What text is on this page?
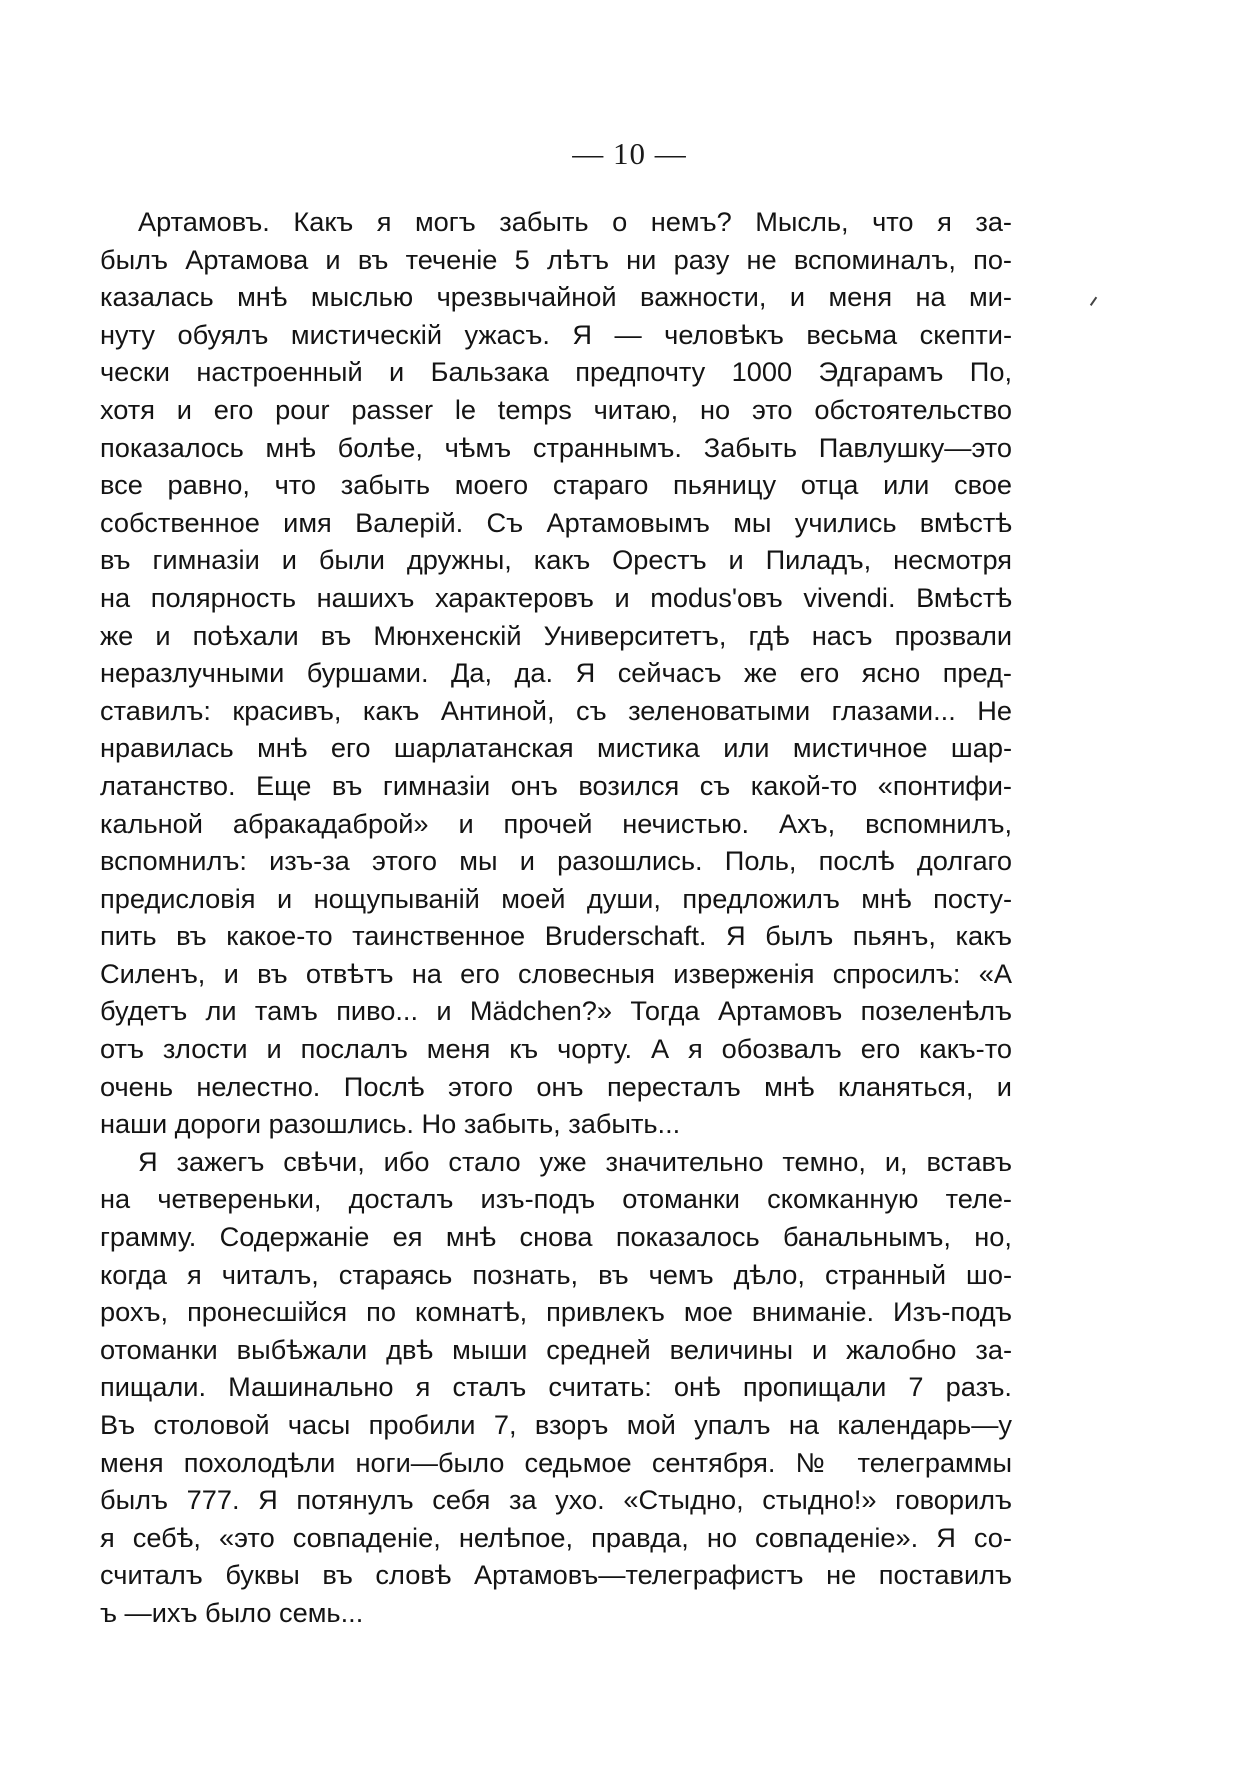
— 10 —
Артамовъ. Какъ я могъ забыть о немъ? Мысль, что я за-
былъ Артамова и въ теченіе 5 лѣтъ ни разу не вспоминалъ, по-
казалась мнѣ мыслью чрезвычайной важности, и меня на ми-
нуту обуялъ мистическій ужасъ. Я — человѣкъ весьма скепти-
чески настроенный и Бальзака предпочту 1000 Эдгарамъ По,
хотя и его pour passer le temps читаю, но это обстоятельство
показалось мнѣ болѣе, чѣмъ страннымъ. Забыть Павлушку—это
все равно, что забыть моего стараго пьяницу отца или свое
собственное имя Валерій. Съ Артамовымъ мы учились вмѣстѣ
въ гимназіи и были дружны, какъ Орестъ и Пиладъ, несмотря
на полярность нашихъ характеровъ и modus'овъ vivendi. Вмѣстѣ
же и поѣхали въ Мюнхенскій Университетъ, гдѣ насъ прозвали
неразлучными буршами. Да, да. Я сейчасъ же его ясно пред-
ставилъ: красивъ, какъ Антиной, съ зеленоватыми глазами... Не
нравилась мнѣ его шарлатанская мистика или мистичное шар-
латанство. Еще въ гимназіи онъ возился съ какой-то «понтифи-
кальной абракадаброй» и прочей нечистью. Ахъ, вспомнилъ,
вспомнилъ: изъ-за этого мы и разошлись. Поль, послѣ долгаго
предисловія и нощупываній моей души, предложилъ мнѣ посту-
пить въ какое-то таинственное Bruderschaft. Я былъ пьянъ, какъ
Силенъ, и въ отвѣтъ на его словесныя изверженія спросилъ: «А
будетъ ли тамъ пиво... и Mädchen?» Тогда Артамовъ позеленѣлъ
отъ злости и послалъ меня къ чорту. А я обозвалъ его какъ-то
очень нелестно. Послѣ этого онъ пересталъ мнѣ кланяться, и
наши дороги разошлись. Но забыть, забыть...
Я зажегъ свѣчи, ибо стало уже значительно темно, и, вставъ
на четвереньки, досталъ изъ-подъ отоманки скомканную теле-
грамму. Содержаніе ея мнѣ снова показалось банальнымъ, но,
когда я читалъ, стараясь познать, въ чемъ дѣло, странный шо-
рохъ, пронесшійся по комнатѣ, привлекъ мое вниманіе. Изъ-подъ
отоманки выбѣжали двѣ мыши средней величины и жалобно за-
пищали. Машинально я сталъ считать: онѣ пропищали 7 разъ.
Въ столовой часы пробили 7, взоръ мой упалъ на календарь—у
меня похолодѣли ноги—было седьмое сентября. № телеграммы
былъ 777. Я потянулъ себя за ухо. «Стыдно, стыдно!» говорилъ
я себѣ, «это совпаденіе, нелѣпое, правда, но совпаденіе». Я со-
считалъ буквы въ словѣ Артамовъ—телеграфистъ не поставилъ
ъ —ихъ было семь...
